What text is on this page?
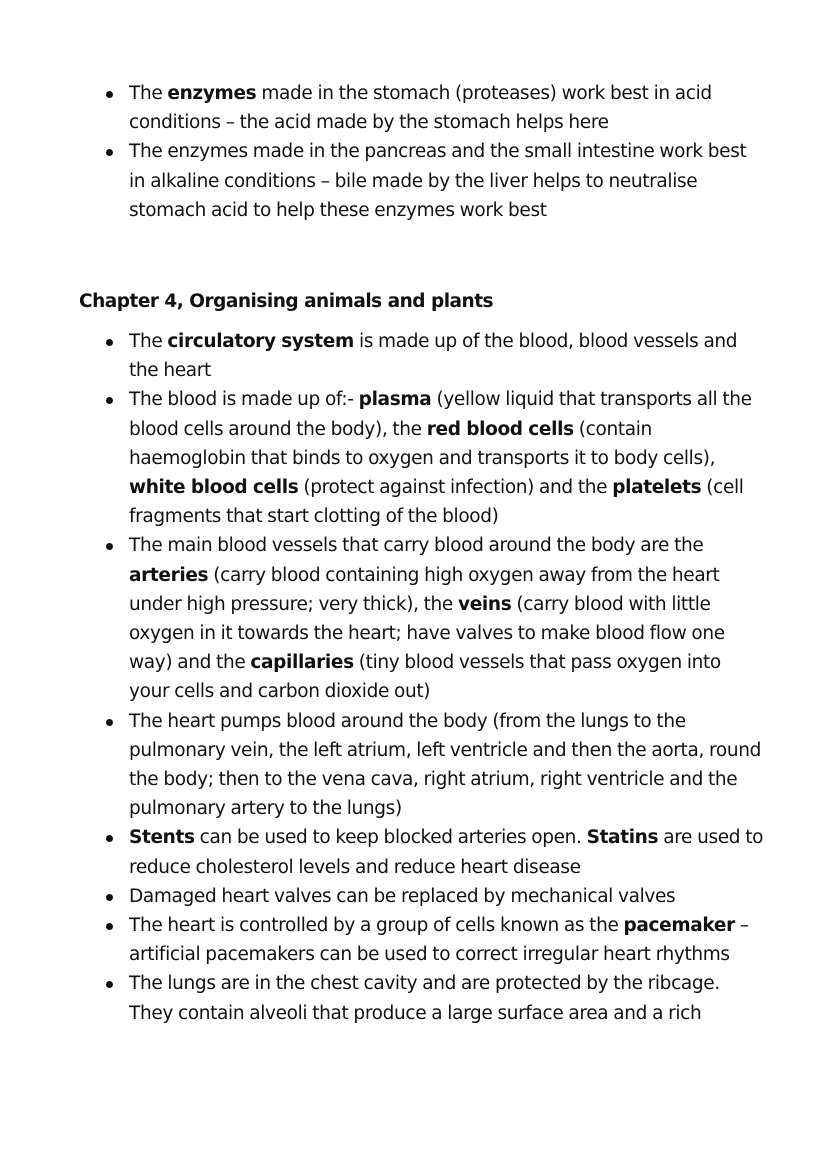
The enzymes made in the stomach (proteases) work best in acid conditions – the acid made by the stomach helps here
The enzymes made in the pancreas and the small intestine work best in alkaline conditions – bile made by the liver helps to neutralise stomach acid to help these enzymes work best
Chapter 4, Organising animals and plants
The circulatory system is made up of the blood, blood vessels and the heart
The blood is made up of:- plasma (yellow liquid that transports all the blood cells around the body), the red blood cells (contain haemoglobin that binds to oxygen and transports it to body cells), white blood cells (protect against infection) and the platelets (cell fragments that start clotting of the blood)
The main blood vessels that carry blood around the body are the arteries (carry blood containing high oxygen away from the heart under high pressure; very thick), the veins (carry blood with little oxygen in it towards the heart; have valves to make blood flow one way) and the capillaries (tiny blood vessels that pass oxygen into your cells and carbon dioxide out)
The heart pumps blood around the body (from the lungs to the pulmonary vein, the left atrium, left ventricle and then the aorta, round the body; then to the vena cava, right atrium, right ventricle and the pulmonary artery to the lungs)
Stents can be used to keep blocked arteries open. Statins are used to reduce cholesterol levels and reduce heart disease
Damaged heart valves can be replaced by mechanical valves
The heart is controlled by a group of cells known as the pacemaker – artificial pacemakers can be used to correct irregular heart rhythms
The lungs are in the chest cavity and are protected by the ribcage. They contain alveoli that produce a large surface area and a rich
